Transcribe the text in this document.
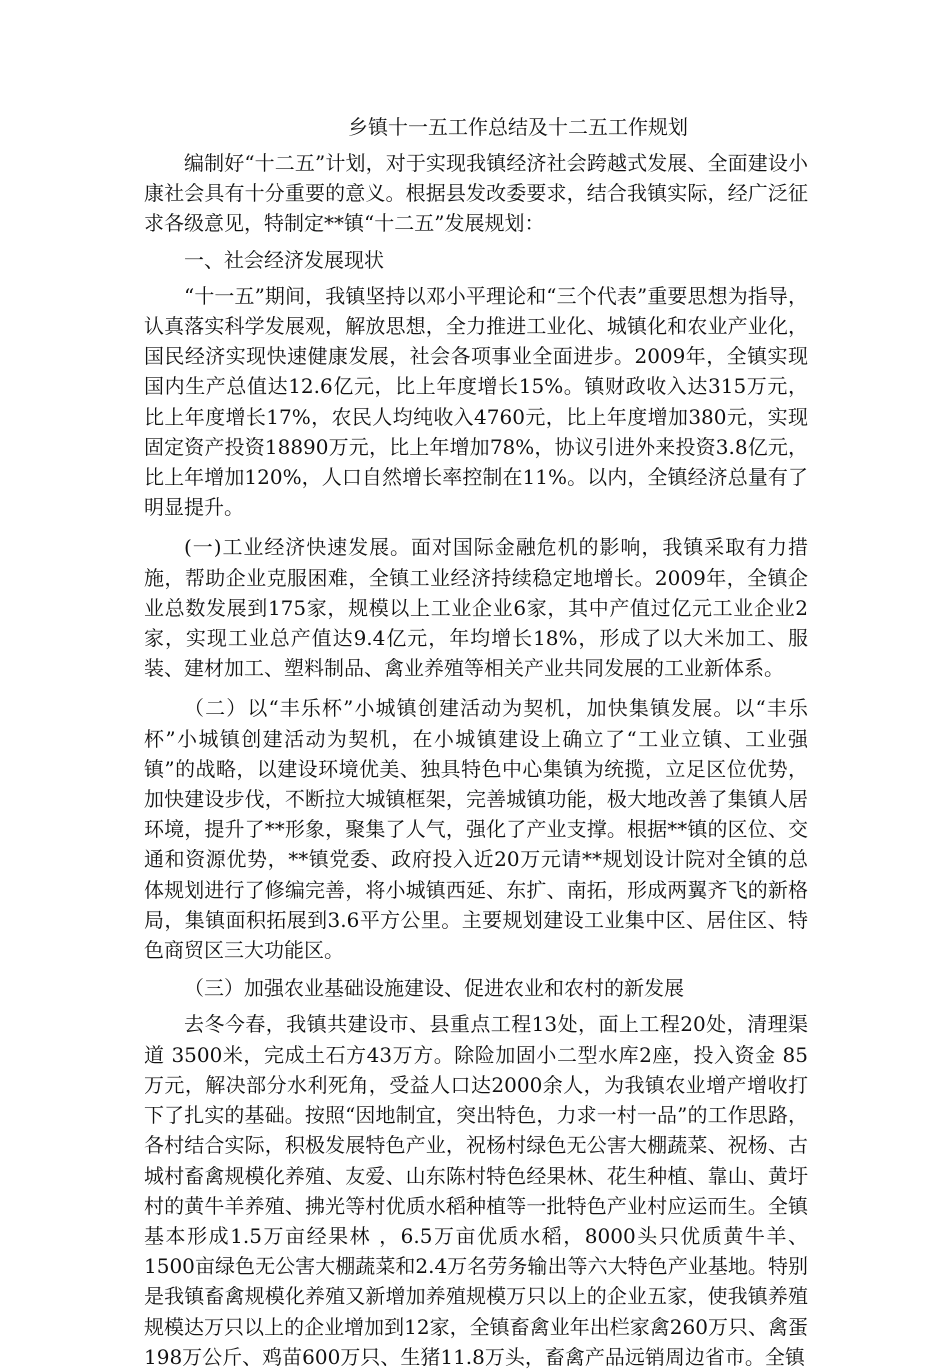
乡镇十一五工作总结及十二五工作规划

编制好“十二五”计划，对于实现我镇经济社会跨越式发展、全面建设小康社会具有十分重要的意义。根据县发改委要求，结合我镇实际，经广泛征求各级意见，特制定**镇“十二五”发展规划：

一、社会经济发展现状

“十一五”期间，我镇坚持以邓小平理论和“三个代表”重要思想为指导，认真落实科学发展观，解放思想，全力推进工业化、城镇化和农业产业化，国民经济实现快速健康发展，社会各项事业全面进步。2009年，全镇实现国内生产总值达12.6亿元，比上年度增长15%。镇财政收入达315万元，比上年度增长17%，农民人均纯收入4760元，比上年度增加380元，实现固定资产投资18890万元，比上年增加78%，协议引进外来投资3.8亿元，比上年增加120%，人口自然增长率控制在11%。以内，全镇经济总量有了明显提升。

(一)工业经济快速发展。面对国际金融危机的影响，我镇采取有力措施，帮助企业克服困难，全镇工业经济持续稳定地增长。2009年，全镇企业总数发展到175家，规模以上工业企业6家，其中产值过亿元工业企业2家，实现工业总产值达9.4亿元，年均增长18%，形成了以大米加工、服装、建材加工、塑料制品、禽业养殖等相关产业共同发展的工业新体系。

（二）以“丰乐杯”小城镇创建活动为契机，加快集镇发展。以“丰乐杯”小城镇创建活动为契机，在小城镇建设上确立了“工业立镇、工业强镇”的战略，以建设环境优美、独具特色中心集镇为统揽，立足区位优势，加快建设步伐，不断拉大城镇框架，完善城镇功能，极大地改善了集镇人居环境，提升了**形象，聚集了人气，强化了产业支撑。根据**镇的区位、交通和资源优势，**镇党委、政府投入近20万元请**规划设计院对全镇的总体规划进行了修编完善，将小城镇西延、东扩、南拓，形成两翼齐飞的新格局，集镇面积拓展到3.6平方公里。主要规划建设工业集中区、居住区、特色商贸区三大功能区。

（三）加强农业基础设施建设、促进农业和农村的新发展

去冬今春，我镇共建设市、县重点工程13处，面上工程20处，清理渠道 3500米，完成土石方43万方。除险加固小二型水库2座，投入资金 85万元，解决部分水利死角，受益人口达2000余人，为我镇农业增产增收打下了扎实的基础。按照“因地制宜，突出特色，力求一村一品”的工作思路，各村结合实际，积极发展特色产业，祝杨村绿色无公害大棚蔬菜、祝杨、古城村畜禽规模化养殖、友爱、山东陈村特色经果林、花生种植、靠山、黄圩村的黄牛羊养殖、拂光等村优质水稻种植等一批特色产业村应运而生。全镇基本形成1.5万亩经果林 ，6.5万亩优质水稻，8000头只优质黄牛羊、1500亩绿色无公害大棚蔬菜和2.4万名劳务输出等六大特色产业基地。特别是我镇畜禽规模化养殖又新增加养殖规模万只以上的企业五家，使我镇养殖规模达万只以上的企业增加到12家，全镇畜禽业年出栏家禽260万只、禽蛋198万公斤、鸡苗600万只、生猪11.8万头，畜禽产品远销周边省市。全镇
